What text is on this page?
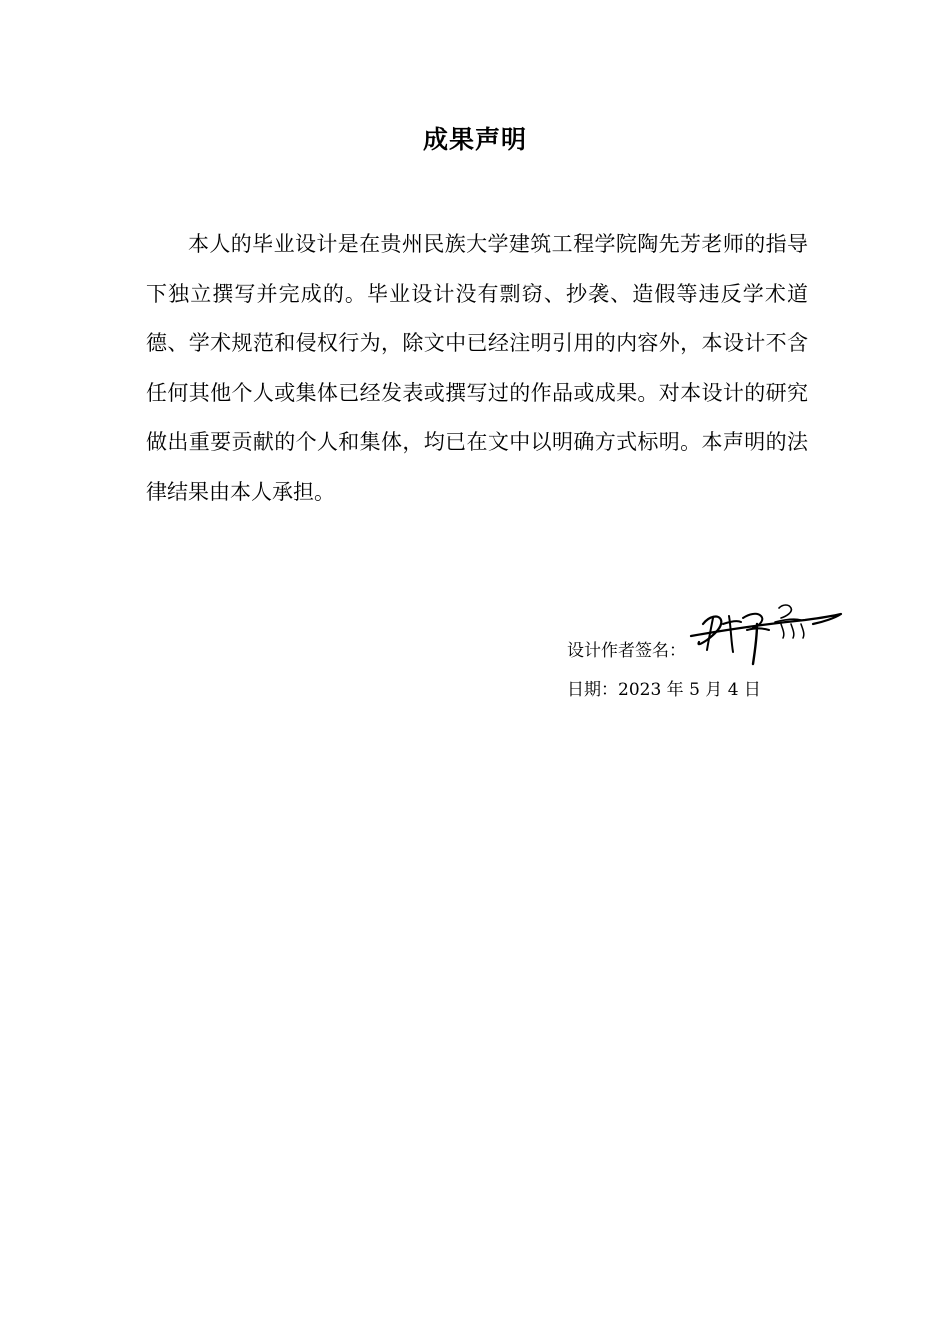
成果声明

本人的毕业设计是在贵州民族大学建筑工程学院陶先芳老师的指导下独立撰写并完成的。毕业设计没有剽窃、抄袭、造假等违反学术道德、学术规范和侵权行为，除文中已经注明引用的内容外，本设计不含任何其他个人或集体已经发表或撰写过的作品或成果。对本设计的研究做出重要贡献的个人和集体，均已在文中以明确方式标明。本声明的法律结果由本人承担。

设计作者签名：
日期：2023 年 5 月 4 日
